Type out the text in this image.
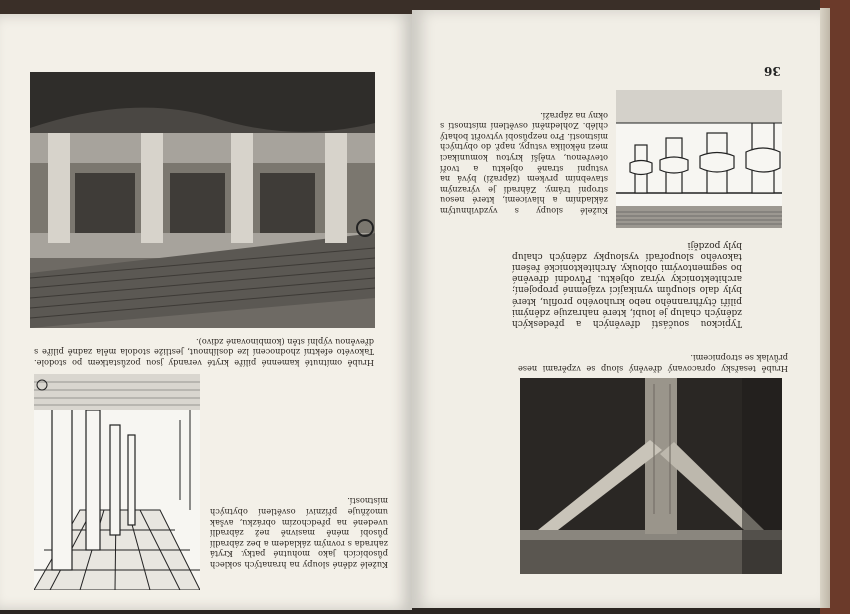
Hrubě omítnuté kamenné pilíře kryté verandy jsou pozůstatkem po stodole. Takovéto efektní zhodnocení lze doslíhnout, jestliže stodola měla zadně pilíře s dřevěnou výplní stěn (kombinované zdivo).
Kuželé zděné sloupy na hranatých soklech působících jako mohutné patky. Krytá zahrada s rovným základem a bez zábradlí působí méně masivně než zábradlí uvedené na předchozím obrázku, avšak umožňuje přízniví osvětlení obytných místností.
36
Kuželé sloupy s vyzdvihnutým základním a hlavicemi, které nesou stropní trámy. Záhradí je výrazným stavebním prvkem (zápraží) bývá na vstupní straně objektu a tvoří otevřenou, vnější krytou komunikaci mezi několika vstupy, např. do obytných místností. Pro nezpůsobí vytvořit bohatý chléb. Zohlednění osvětlení místností s okny na zápraží.
Typickou součástí dřevěných a předeských zděných chalup je loubí, které nahrazuje zděnými pilíři čtyřhranného nebo kruhového profilu, které byly dalo sloupům vynikající vzájemné propojení; architektonicky výraz objektu. Původní dřevěné bo segmentovými oblouky. Architektonické řešení takového sloupořadí vysloupky zděných chalup byly později
Hrubě tesařsky opracovaný dřevěný sloup se vzpěrami nese průvlak se stropnicemi.
